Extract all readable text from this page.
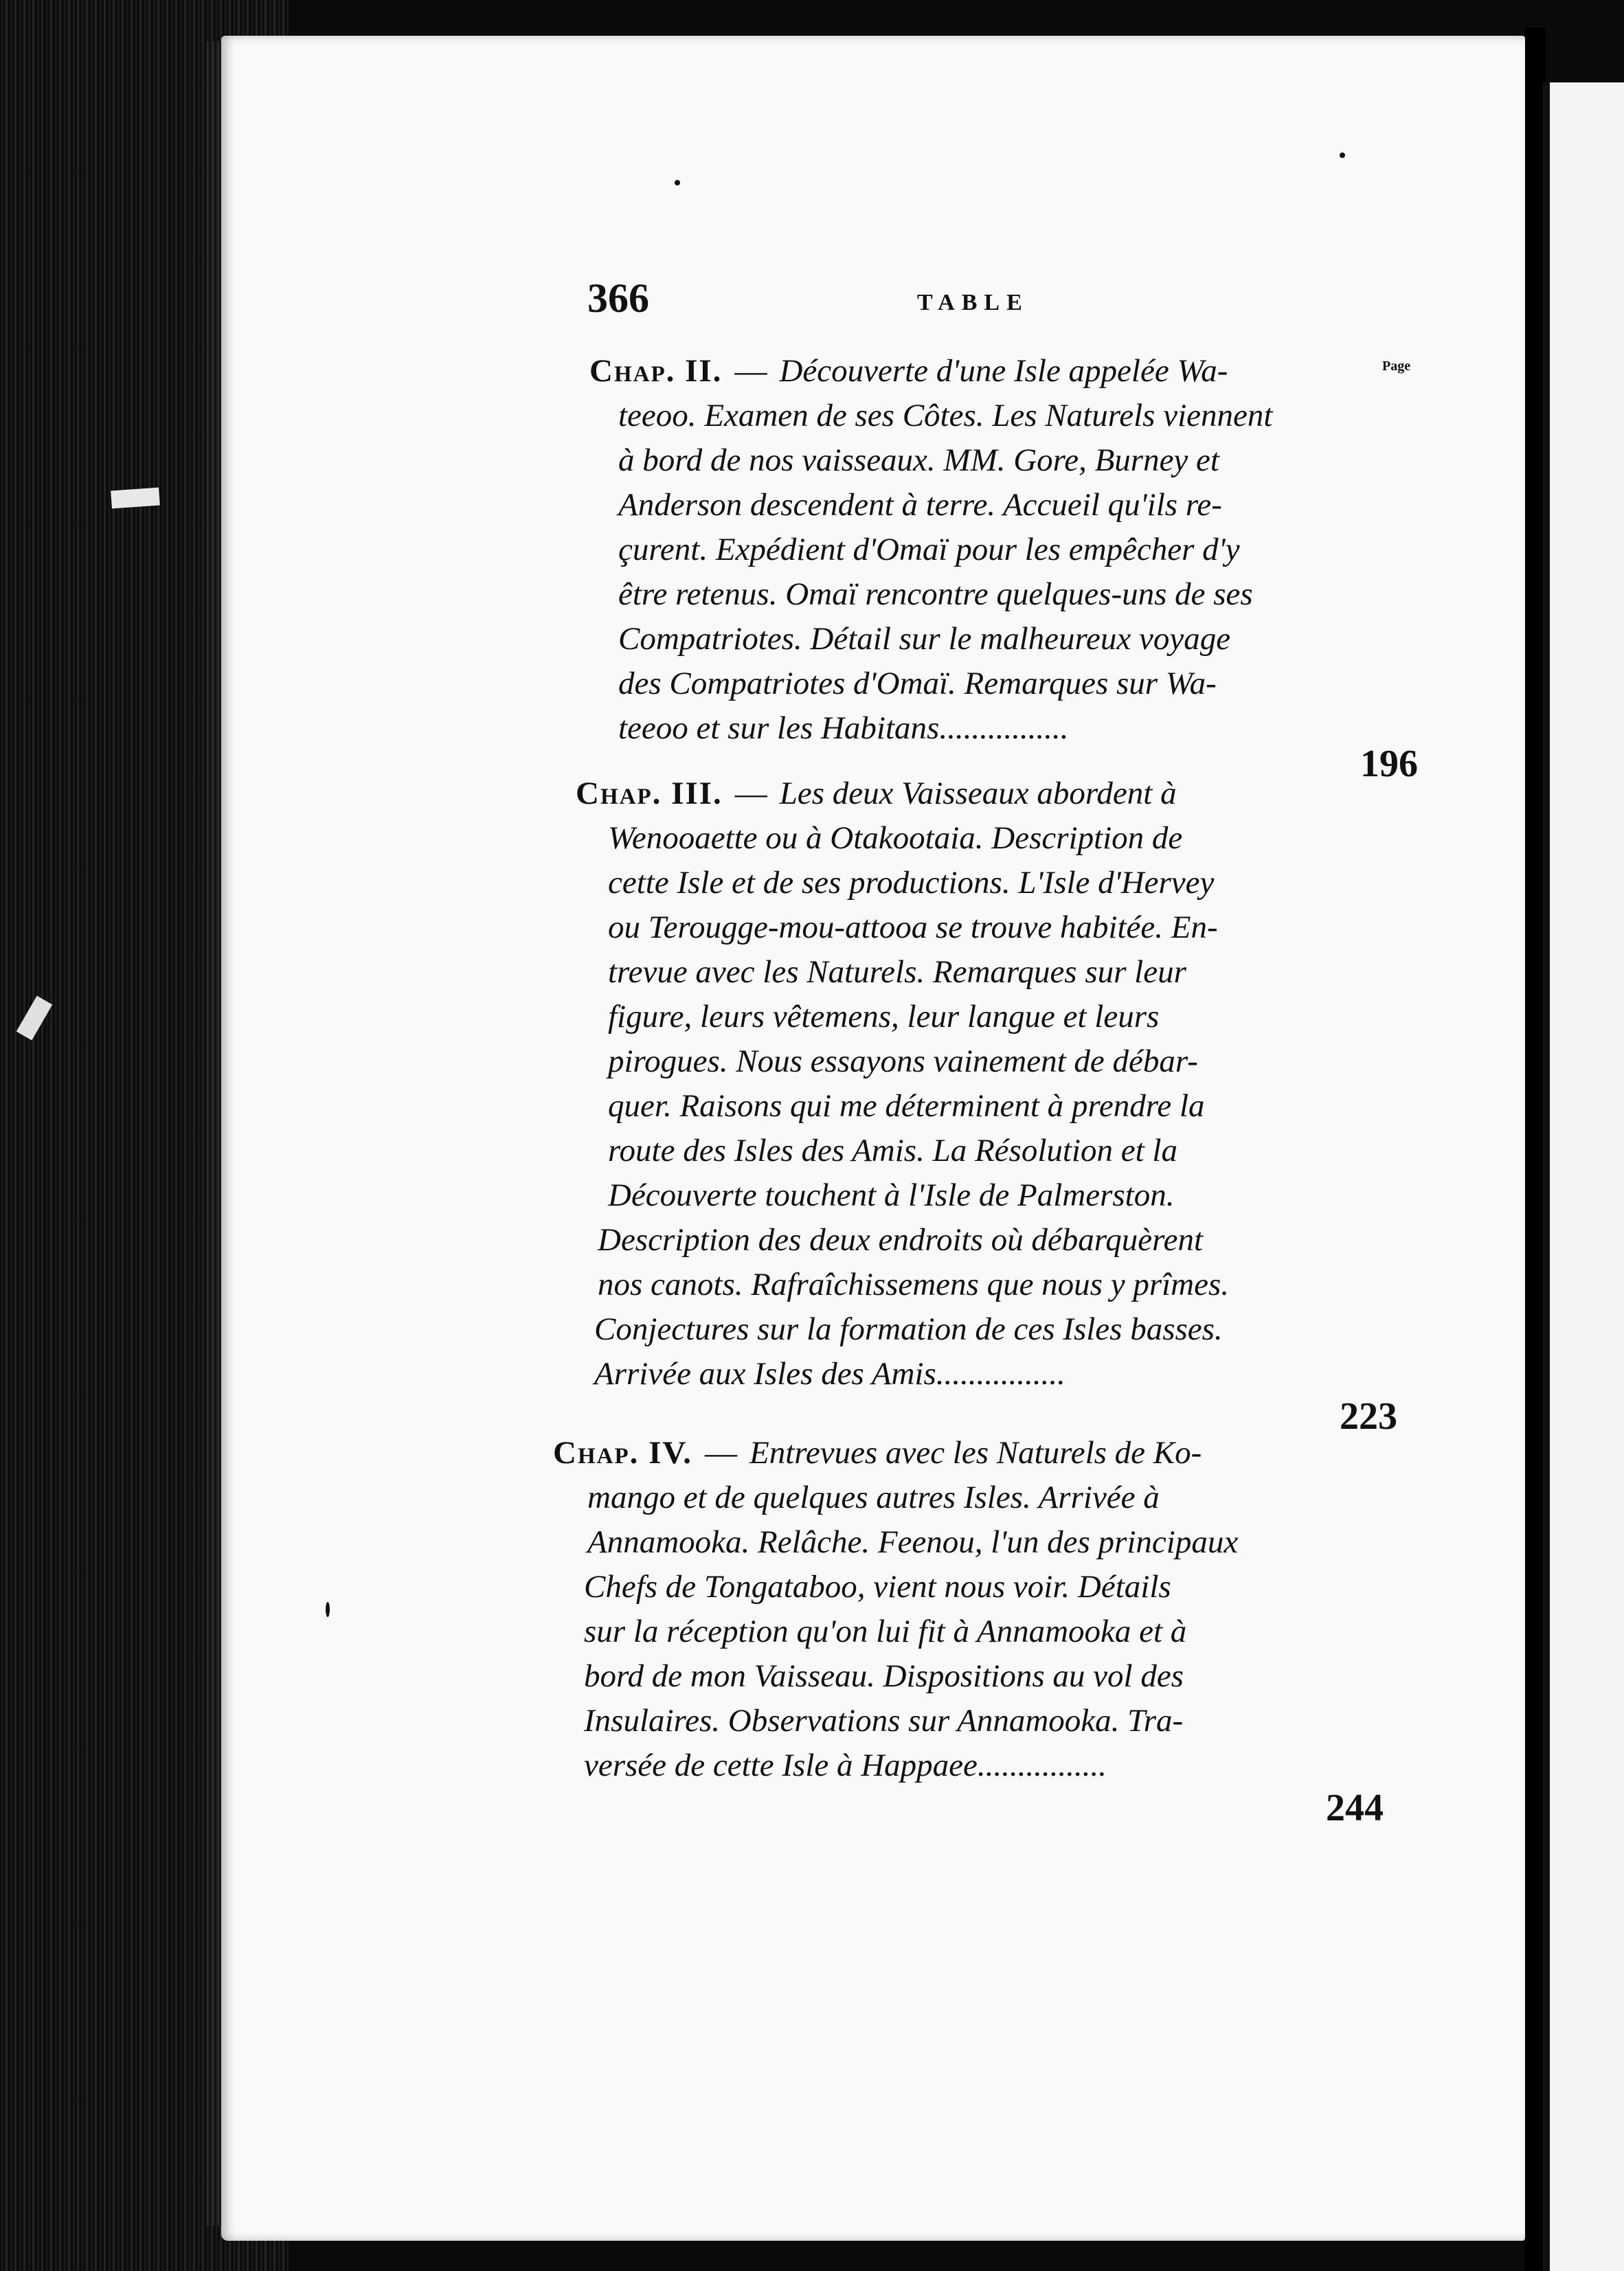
366	TABLE
Page
Chap. II. — Découverte d'une Isle appelée Wa-
teeoo. Examen de ses Côtes. Les Naturels viennent
à bord de nos vaisseaux. MM. Gore, Burney et
Anderson descendent à terre. Accueil qu'ils re-
çurent. Expédient d'Omaï pour les empêcher d'y
être retenus. Omaï rencontre quelques-uns de ses
Compatriotes. Détail sur le malheureux voyage
des Compatriotes d'Omaï. Remarques sur Wa-
teeoo et sur les Habitans................
196
Chap. III. — Les deux Vaisseaux abordent à
Wenooaette ou à Otakootaia. Description de
cette Isle et de ses productions. L'Isle d'Hervey
ou Terougge-mou-attooa se trouve habitée. En-
trevue avec les Naturels. Remarques sur leur
figure, leurs vêtemens, leur langue et leurs
pirogues. Nous essayons vainement de débar-
quer. Raisons qui me déterminent à prendre la
route des Isles des Amis. La Résolution et la
Découverte touchent à l'Isle de Palmerston.
Description des deux endroits où débarquèrent
nos canots. Rafraîchissemens que nous y prîmes.
Conjectures sur la formation de ces Isles basses.
Arrivée aux Isles des Amis................
223
Chap. IV. — Entrevues avec les Naturels de Ko-
mango et de quelques autres Isles. Arrivée à
Annamooka. Relâche. Feenou, l'un des principaux
Chefs de Tongataboo, vient nous voir. Détails
sur la réception qu'on lui fit à Annamooka et à
bord de mon Vaisseau. Dispositions au vol des
Insulaires. Observations sur Annamooka. Tra-
versée de cette Isle à Happaee................
244
